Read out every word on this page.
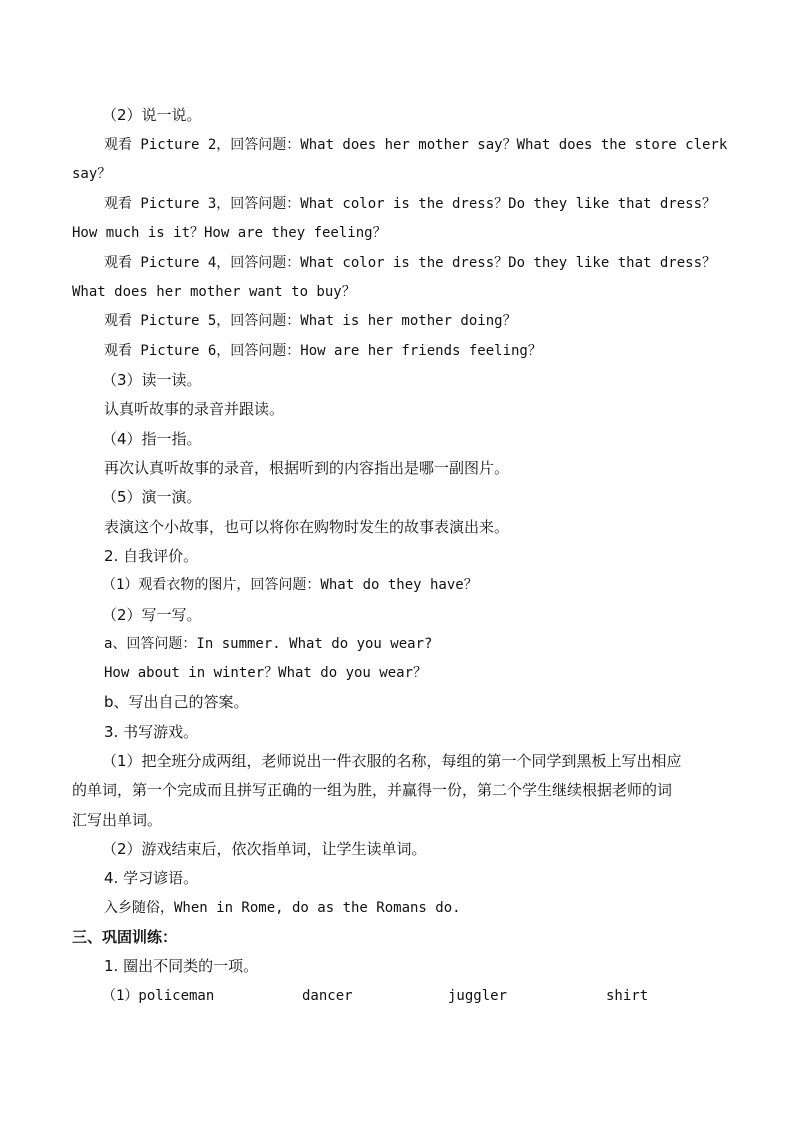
（2）说一说。
观看 Picture 2，回答问题：What does her mother say？What does the store clerk
say？
观看 Picture 3，回答问题：What color is the dress？Do they like that dress？
How much is it？How are they feeling？
观看 Picture 4，回答问题：What color is the dress？Do they like that dress？
What does her mother want to buy？
观看 Picture 5，回答问题：What is her mother doing？
观看 Picture 6，回答问题：How are her friends feeling？
（3）读一读。
认真听故事的录音并跟读。
（4）指一指。
再次认真听故事的录音，根据听到的内容指出是哪一副图片。
（5）演一演。
表演这个小故事，也可以将你在购物时发生的故事表演出来。
2. 自我评价。
（1）观看衣物的图片，回答问题：What do they have？
（2）写一写。
a、回答问题：In summer. What do you wear?
How about in winter？What do you wear？
b、写出自己的答案。
3. 书写游戏。
（1）把全班分成两组，老师说出一件衣服的名称，每组的第一个同学到黑板上写出相应
的单词，第一个完成而且拼写正确的一组为胜，并赢得一份，第二个学生继续根据老师的词
汇写出单词。
（2）游戏结束后，依次指单词，让学生读单词。
4. 学习谚语。
入乡随俗，When in Rome, do as the Romans do.
三、巩固训练：
1. 圈出不同类的一项。
（1）policeman	dancer	juggler	shirt
